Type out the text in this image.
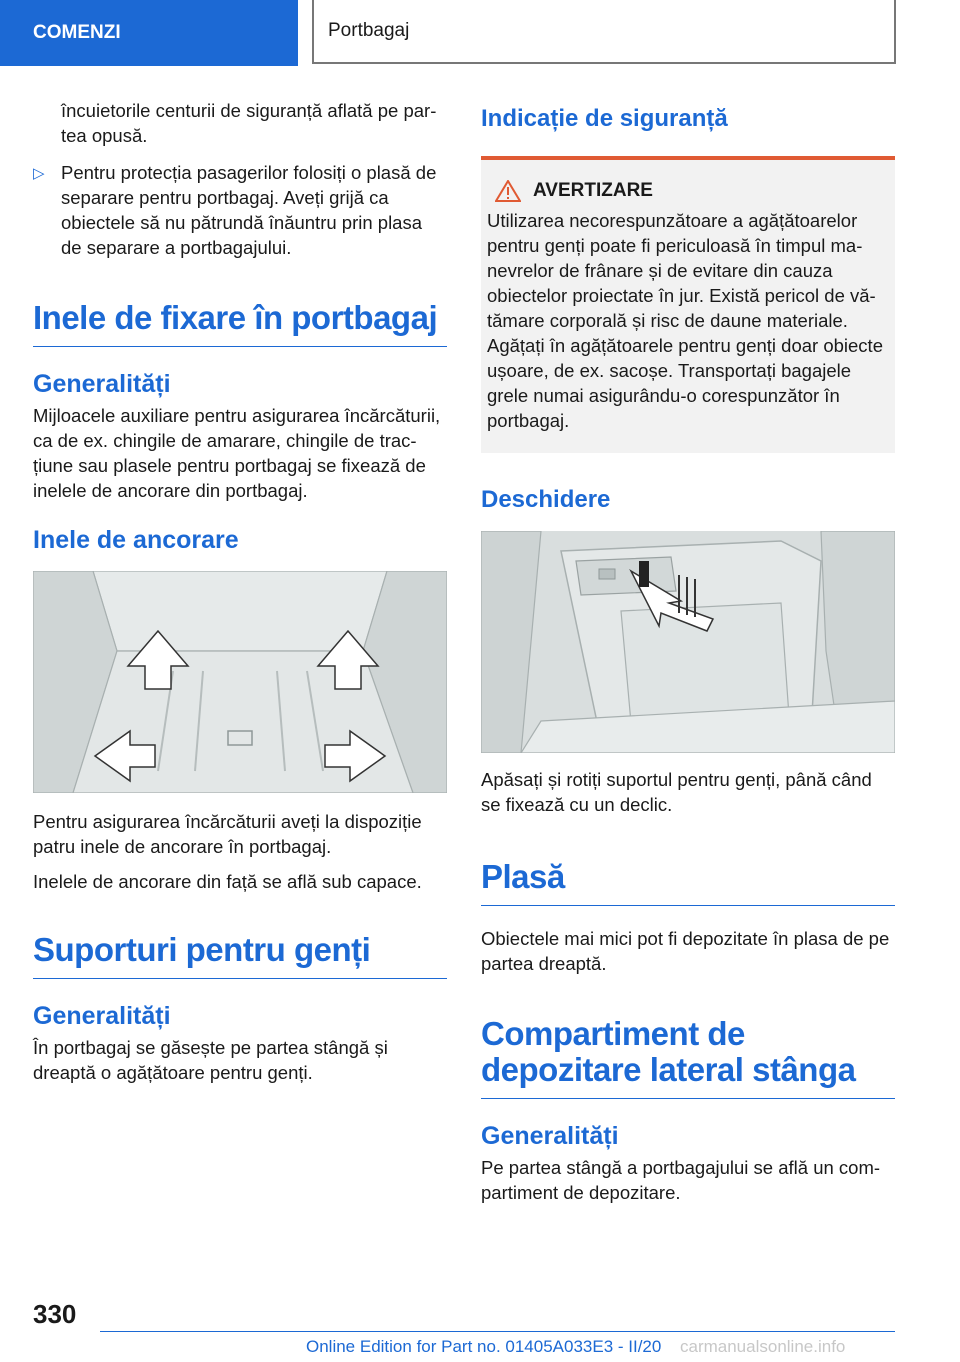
COMENZI	Portbagaj

încuietorile centurii de siguranță aflată pe partea opusă.

▷ Pentru protecția pasagerilor folosiți o plasă de separare pentru portbagaj. Aveți grijă ca obiectele să nu pătrundă înăuntru prin plasa de separare a portbagajului.
Inele de fixare în portbagaj
Generalități

Mijloacele auxiliare pentru asigurarea încărcăturii, ca de ex. chingile de amarare, chingile de tracțiune sau plasele pentru portbagaj se fixează de inelele de ancorare din portbagaj.

Inele de ancorare

Pentru asigurarea încărcăturii aveți la dispoziție patru inele de ancorare în portbagaj.

Inelele de ancorare din față se află sub capace.

Suporturi pentru genți
Generalități

În portbagaj se găsește pe partea stângă și dreaptă o agățătoare pentru genți.

Indicație de siguranță
AVERTIZARE

Utilizarea necorespunzătoare a agățătoarelor pentru genți poate fi periculoasă în timpul manevrelor de frânare și de evitare din cauza obiectelor proiectate în jur. Există pericol de vătămare corporală și risc de daune materiale. Agățați în agățătoarele pentru genți doar obiecte ușoare, de ex. sacoșe. Transportați bagajele grele numai asigurându-o corespunzător în portbagaj.

Deschidere

Apăsați și rotiți suportul pentru genți, până când se fixează cu un declic.

Plasă

Obiectele mai mici pot fi depozitate în plasa de pe partea dreaptă.

Compartiment de depozitare lateral stânga
Generalități

Pe partea stângă a portbagajului se află un compartiment de depozitare.

330
Online Edition for Part no. 01405A033E3 - II/20 carmanualsonline.info
